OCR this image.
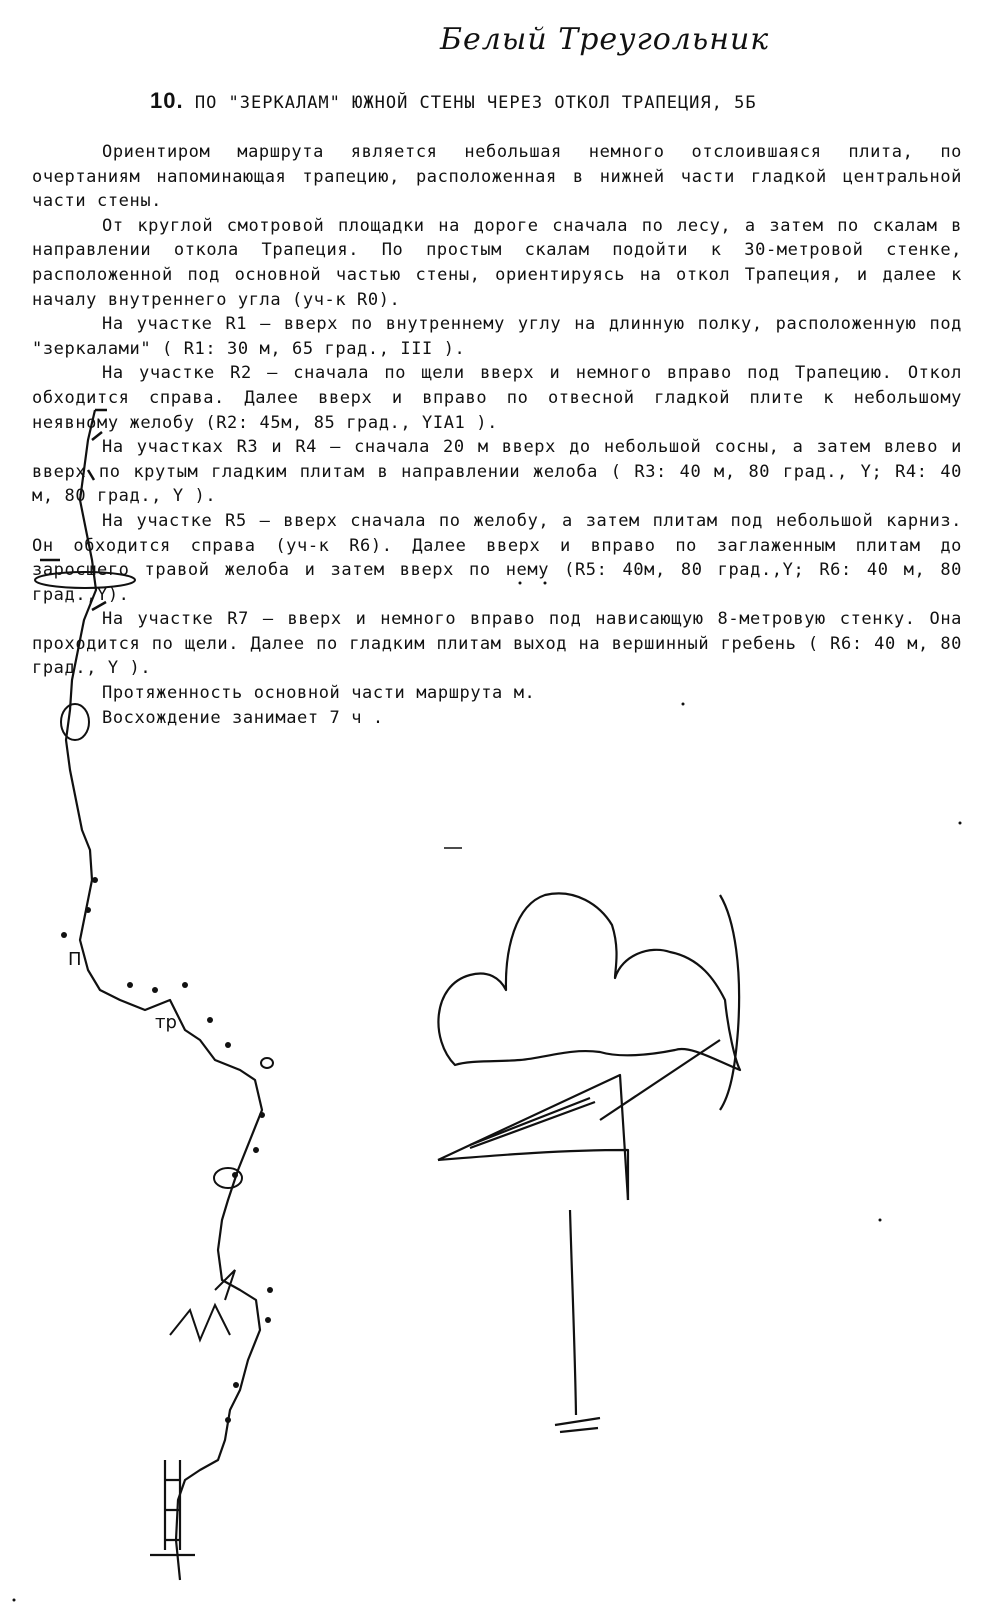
Белый Треугольник
10. ПО "ЗЕРКАЛАМ" ЮЖНОЙ СТЕНЫ ЧЕРЕЗ ОТКОЛ ТРАПЕЦИЯ, 5Б

Ориентиром маршрута является небольшая немного отслоившаяся плита, по очертаниям напоминающая трапецию, расположенная в нижней части гладкой центральной части стены.

От круглой смотровой площадки на дороге сначала по лесу, а затем по скалам в направлении откола Трапеция. По простым скалам подойти к 30-метровой стенке, расположенной под основной частью стены, ориентируясь на откол Трапеция, и далее к началу внутреннего угла (уч-к R0).

На участке R1 – вверх по внутреннему углу на длинную полку, расположенную под "зеркалами" ( R1: 30 м, 65 град., III ).

На участке R2 – сначала по щели вверх и немного вправо под Трапецию. Откол обходится справа. Далее вверх и вправо по отвесной гладкой плите к небольшому неявному желобу (R2: 45м, 85 град., YIA1 ).

На участках R3 и R4 – сначала 20 м вверх до небольшой сосны, а затем влево и вверх по крутым гладким плитам в направлении желоба ( R3: 40 м, 80 град., Y; R4: 40 м, 80 град., Y ).

На участке R5 – вверх сначала по желобу, а затем плитам под небольшой карниз. Он обходится справа (уч-к R6). Далее вверх и вправо по заглаженным плитам до заросшего травой желоба и затем вверх по нему (R5: 40м, 80 град.,Y; R6: 40 м, 80 град.,Y).

На участке R7 – вверх и немного вправо под нависающую 8-метровую стенку. Она проходится по щели. Далее по гладким плитам выход на вершинный гребень ( R6: 40 м, 80 град., Y ).

Протяженность основной части маршрута м.

Восхождение занимает 7 ч .

П
тр
